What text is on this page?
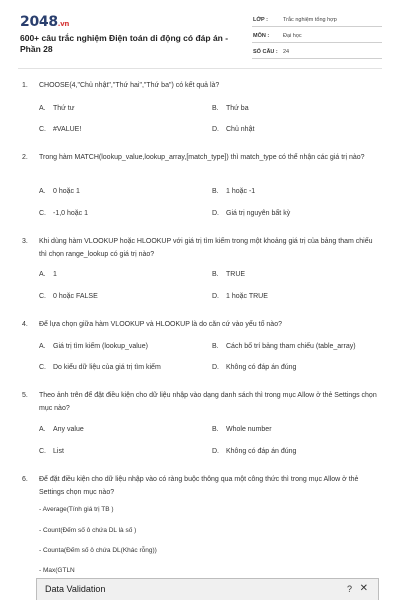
2048.vn
600+ câu trắc nghiệm Điện toán di động có đáp án - Phần 28
LỚP :	Trắc nghiệm tổng hợp
MÔN :	Đại học
SỐ CÂU : 24
1. CHOOSE(4,"Chủ nhật","Thứ hai","Thứ ba") có kết quả là?
A. Thứ tư	B. Thứ ba
C. #VALUE!	D. Chủ nhật
2. Trong hàm MATCH(lookup_value,lookup_array,[match_type]) thì match_type có thể nhận các giá trị nào?
A. 0 hoặc 1	B. 1 hoặc -1
C. -1,0 hoặc 1	D. Giá trị nguyên bất kỳ
3. Khi dùng hàm VLOOKUP hoặc HLOOKUP với giá trị tìm kiếm trong một khoảng giá trị của bảng tham chiếu thì chọn range_lookup có giá trị nào?
A. 1	B. TRUE
C. 0 hoặc FALSE	D. 1 hoặc TRUE
4. Để lựa chọn giữa hàm VLOOKUP và HLOOKUP là do căn cứ vào yếu tố nào?
A. Giá trị tìm kiếm (lookup_value)	B. Cách bố trí bảng tham chiếu (table_array)
C. Do kiểu dữ liệu của giá trị tìm kiếm	D. Không có đáp án đúng
5. Theo ảnh trên để đặt điều kiện cho dữ liệu nhập vào dạng danh sách thì trong mục Allow ở thẻ Settings chọn mục nào?
A. Any value	B. Whole number
C. List	D. Không có đáp án đúng
6. Để đặt điều kiện cho dữ liệu nhập vào có ràng buộc thông qua một công thức thì trong mục Allow ở thẻ Settings chọn mục nào?
- Average(Tính giá trị TB )
- Count(Đếm số ô chứa DL là số )
- Counta(Đếm số ô chứa DL(Khác rỗng))
- Max(GTLN
Data Validation	? ✕
